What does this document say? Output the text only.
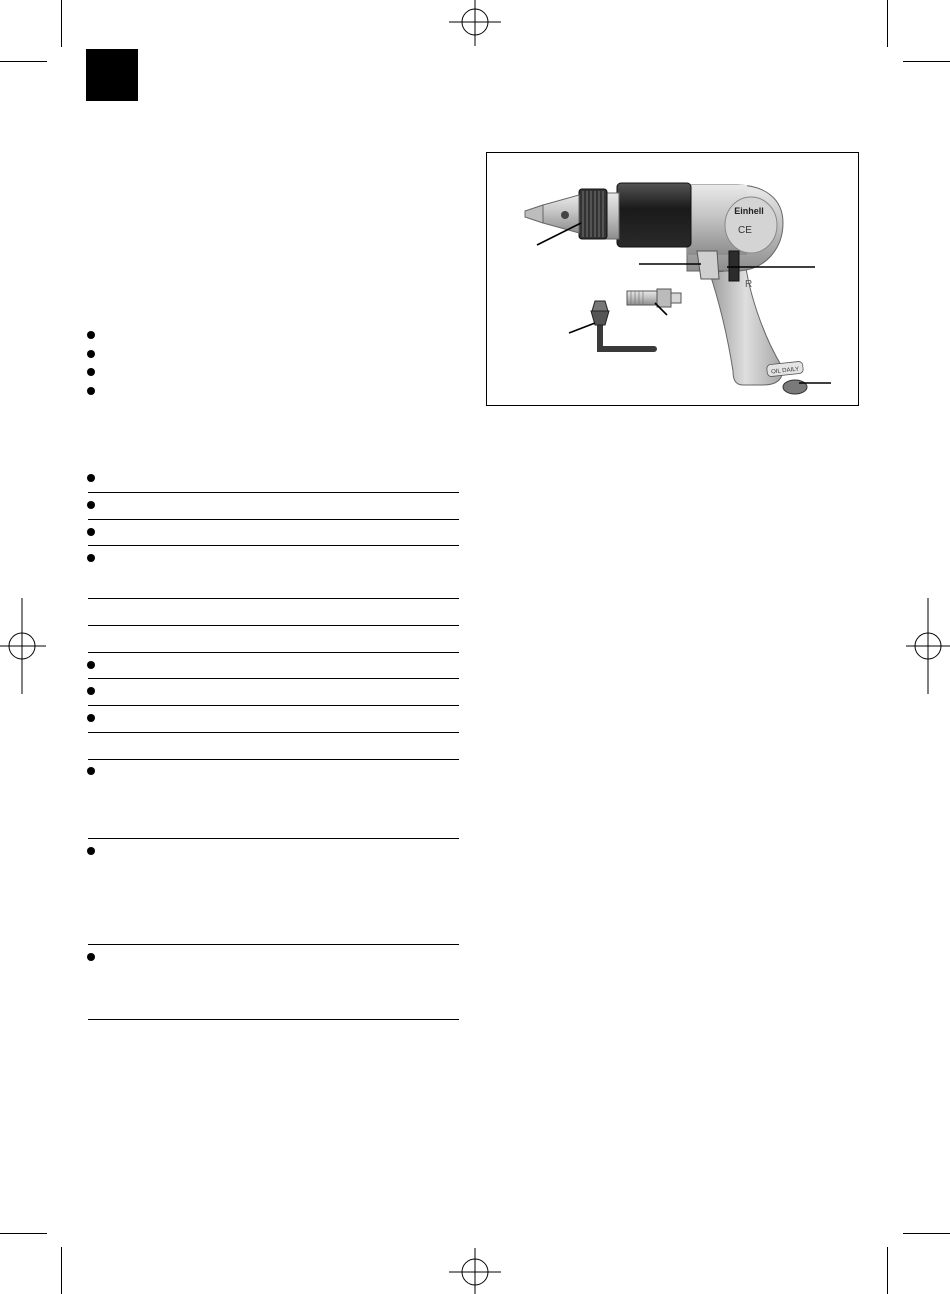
OIL DAILY
Einhell
CE
R
